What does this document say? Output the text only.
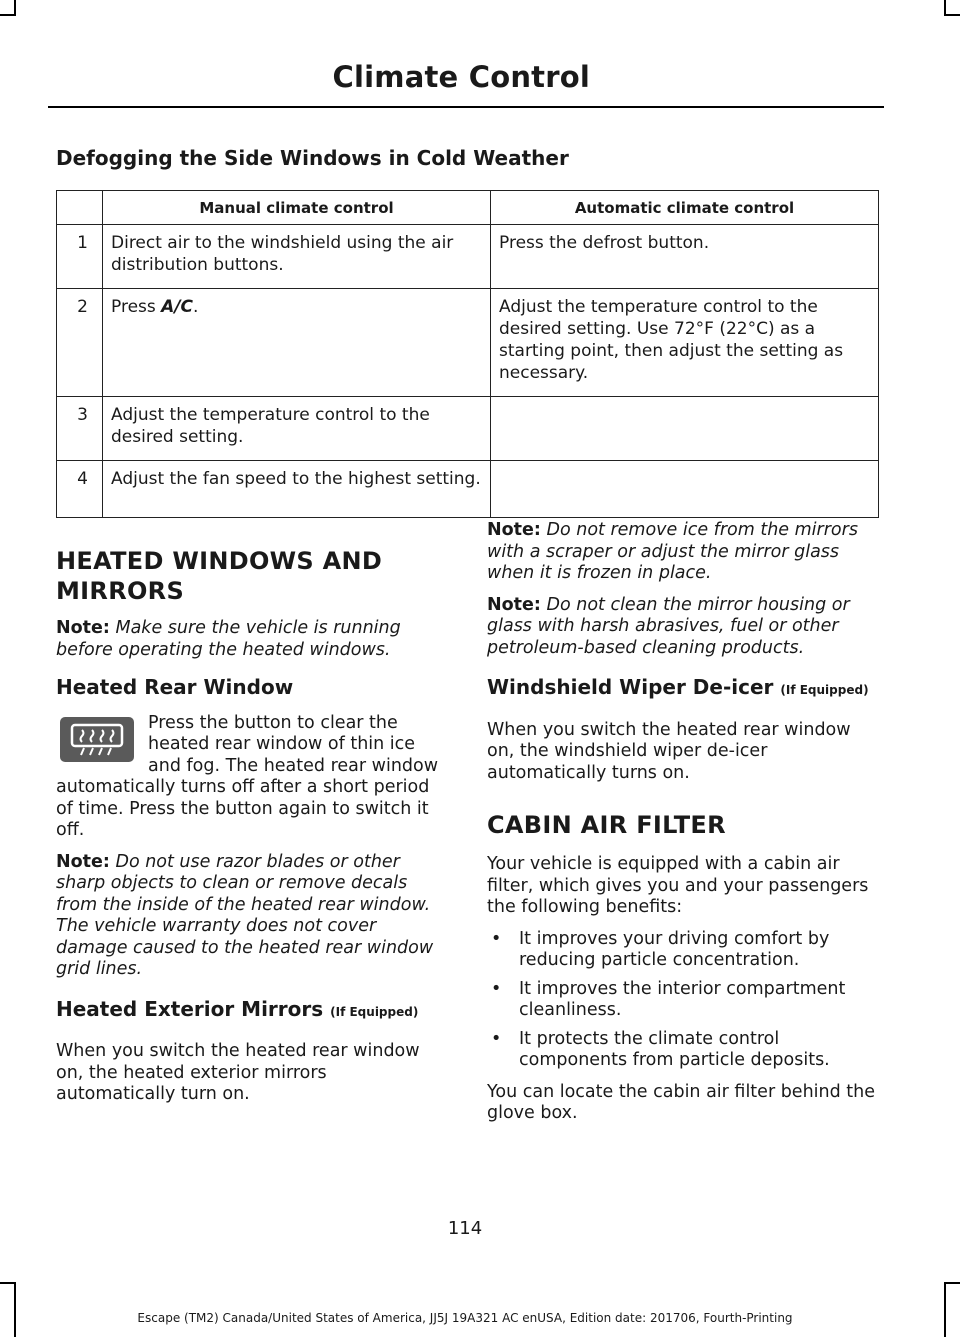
Climate Control
Defogging the Side Windows in Cold Weather
	Manual climate control	Automatic climate control
1	Direct air to the windshield using the air distribution buttons.	Press the defrost button.
2	Press A/C.	Adjust the temperature control to the desired setting. Use 72°F (22°C) as a starting point, then adjust the setting as necessary.
3	Adjust the temperature control to the desired setting.	
4	Adjust the fan speed to the highest setting.	
HEATED WINDOWS AND
MIRRORS

Note: Make sure the vehicle is running before operating the heated windows.

Heated Rear Window

Press the button to clear the heated rear window of thin ice and fog. The heated rear window automatically turns off after a short period of time. Press the button again to switch it off.

Note: Do not use razor blades or other sharp objects to clean or remove decals from the inside of the heated rear window. The vehicle warranty does not cover damage caused to the heated rear window grid lines.

Heated Exterior Mirrors (If Equipped)

When you switch the heated rear window on, the heated exterior mirrors automatically turn on.

Note: Do not remove ice from the mirrors with a scraper or adjust the mirror glass when it is frozen in place.

Note: Do not clean the mirror housing or glass with harsh abrasives, fuel or other petroleum-based cleaning products.

Windshield Wiper De-icer (If Equipped)

When you switch the heated rear window on, the windshield wiper de-icer automatically turns on.

CABIN AIR FILTER

Your vehicle is equipped with a cabin air filter, which gives you and your passengers the following benefits:

• It improves your driving comfort by reducing particle concentration.
• It improves the interior compartment cleanliness.
• It protects the climate control components from particle deposits.

You can locate the cabin air filter behind the glove box.

114
Escape (TM2) Canada/United States of America, JJ5J 19A321 AC enUSA, Edition date: 201706, Fourth-Printing
